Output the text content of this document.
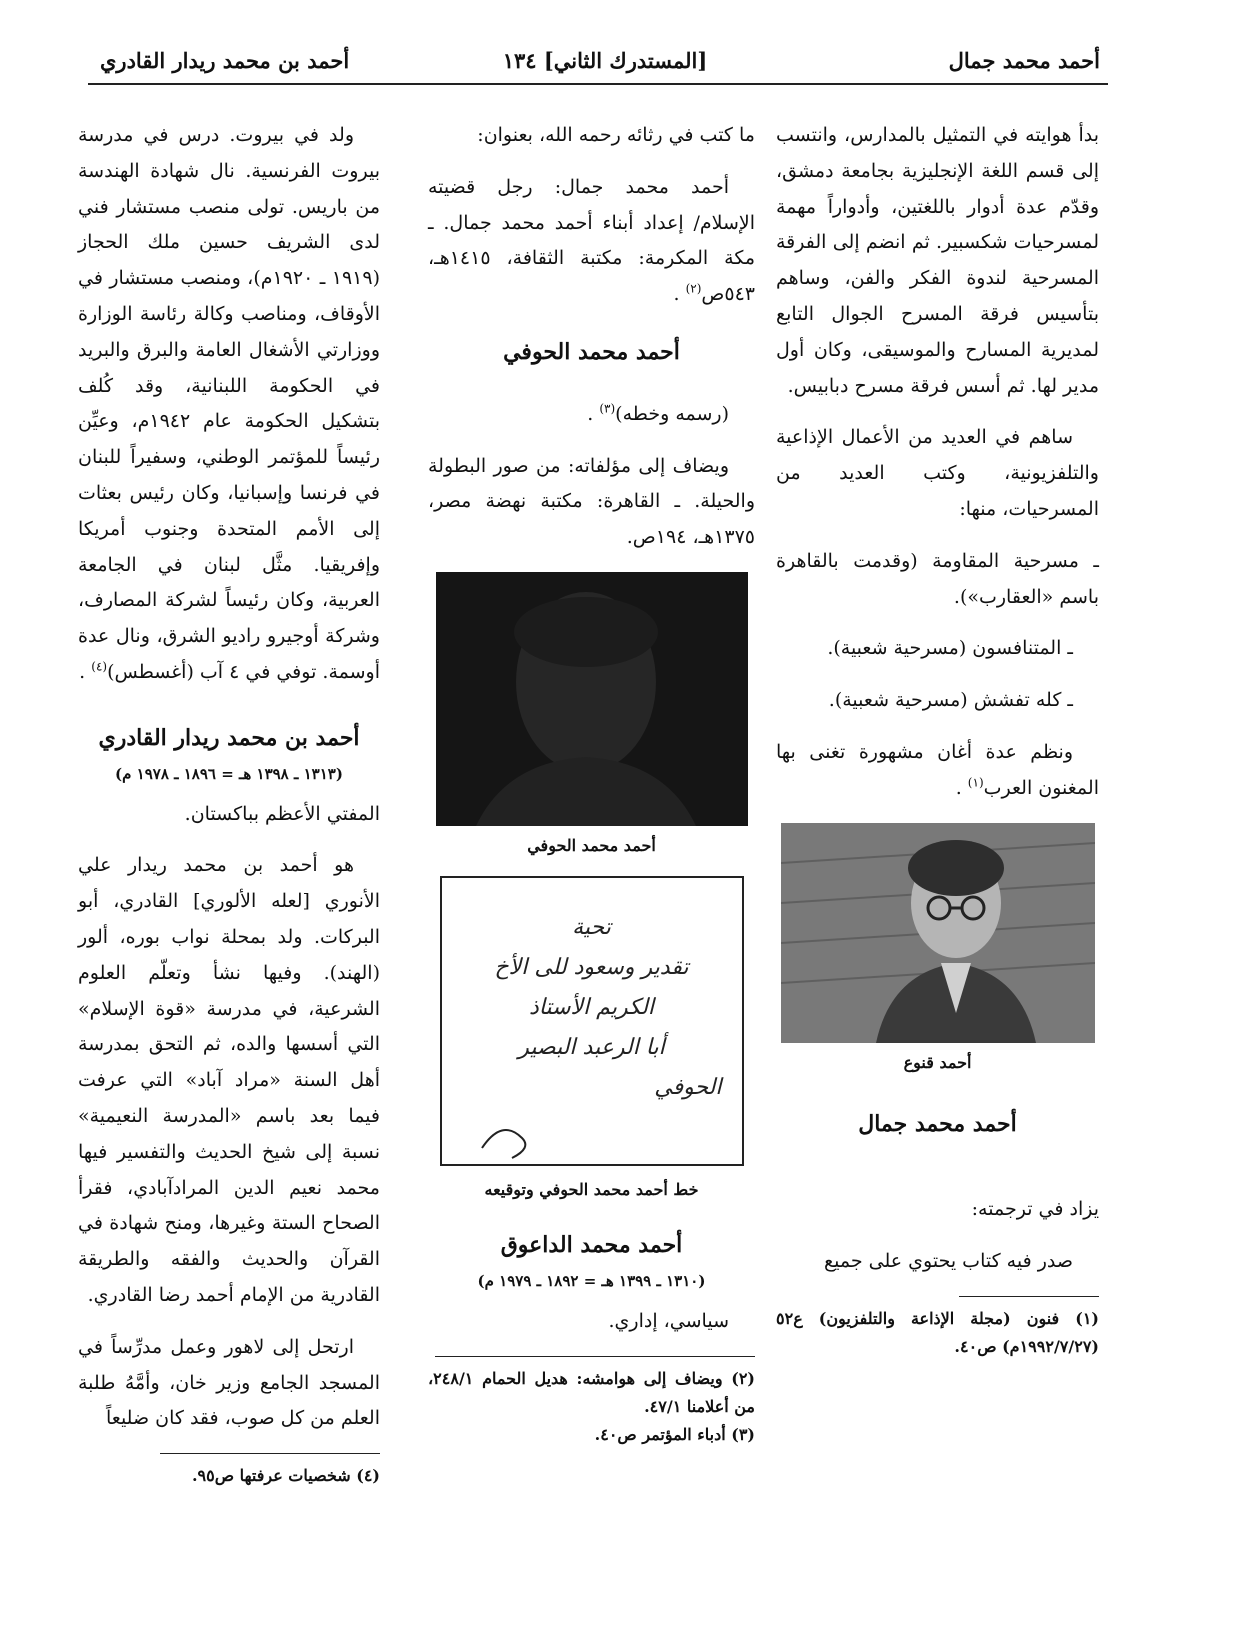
أحمد محمد جمال
[المستدرك الثاني] ١٣٤
أحمد بن محمد ريدار القادري

بدأ هوايته في التمثيل بالمدارس، وانتسب إلى قسم اللغة الإنجليزية بجامعة دمشق، وقدّم عدة أدوار باللغتين، وأدواراً مهمة لمسرحيات شكسبير. ثم انضم إلى الفرقة المسرحية لندوة الفكر والفن، وساهم بتأسيس فرقة المسرح الجوال التابع لمديرية المسارح والموسيقى، وكان أول مدير لها. ثم أسس فرقة مسرح دبابيس.

ساهم في العديد من الأعمال الإذاعية والتلفزيونية، وكتب العديد من المسرحيات، منها:

ـ مسرحية المقاومة (وقدمت بالقاهرة باسم «العقارب»).

ـ المتنافسون (مسرحية شعبية).

ـ كله تفشش (مسرحية شعبية).

ونظم عدة أغان مشهورة تغنى بها المغنون العرب$^{(١)}$ .

أحمد قنوع
أحمد محمد جمال

يزاد في ترجمته:

صدر فيه كتاب يحتوي على جميع

(١) فنون (مجلة الإذاعة والتلفزيون) ع٥٢ (١٩٩٢/٧/٢٧م) ص٤٠.

ما كتب في رثائه رحمه الله، بعنوان:

أحمد محمد جمال: رجل قضيته الإسلام/ إعداد أبناء أحمد محمد جمال. ـ مكة المكرمة: مكتبة الثقافة، ١٤١٥هـ، ٥٤٣ص$^{(٢)}$ .

أحمد محمد الحوفي

(رسمه وخطه)$^{(٣)}$ .

ويضاف إلى مؤلفاته: من صور البطولة والحيلة. ـ القاهرة: مكتبة نهضة مصر، ١٣٧٥هـ، ١٩٤ص.

أحمد محمد الحوفي
تحية
تقدير وسعود للى الأخ
الكريم الأستاذ
أبا الرعبد البصير
الحوفي
خط أحمد محمد الحوفي وتوقيعه
أحمد محمد الداعوق
(١٣١٠ ـ ١٣٩٩ هـ = ١٨٩٢ ـ ١٩٧٩ م)

سياسي، إداري.

(٢) ويضاف إلى هوامشه: هديل الحمام ٢٤٨/١، من أعلامنا ٤٧/١.

(٣) أدباء المؤتمر ص٤٠.

ولد في بيروت. درس في مدرسة بيروت الفرنسية. نال شهادة الهندسة من باريس. تولى منصب مستشار فني لدى الشريف حسين ملك الحجاز (١٩١٩ ـ ١٩٢٠م)، ومنصب مستشار في الأوقاف، ومناصب وكالة رئاسة الوزارة ووزارتي الأشغال العامة والبرق والبريد في الحكومة اللبنانية، وقد كُلف بتشكيل الحكومة عام ١٩٤٢م، وعيِّن رئيساً للمؤتمر الوطني، وسفيراً للبنان في فرنسا وإسبانيا، وكان رئيس بعثات إلى الأمم المتحدة وجنوب أمريكا وإفريقيا. مثَّل لبنان في الجامعة العربية، وكان رئيساً لشركة المصارف، وشركة أوجيرو راديو الشرق، ونال عدة أوسمة. توفي في ٤ آب (أغسطس)$^{(٤)}$ .

أحمد بن محمد ريدار القادري
(١٣١٣ ـ ١٣٩٨ هـ = ١٨٩٦ ـ ١٩٧٨ م)

المفتي الأعظم بباكستان.

هو أحمد بن محمد ريدار علي الأنوري [لعله الألوري] القادري، أبو البركات. ولد بمحلة نواب بوره، ألور (الهند). وفيها نشأ وتعلّم العلوم الشرعية، في مدرسة «قوة الإسلام» التي أسسها والده، ثم التحق بمدرسة أهل السنة «مراد آباد» التي عرفت فيما بعد باسم «المدرسة النعيمية» نسبة إلى شيخ الحديث والتفسير فيها محمد نعيم الدين المرادآبادي، فقرأ الصحاح الستة وغيرها، ومنح شهادة في القرآن والحديث والفقه والطريقة القادرية من الإمام أحمد رضا القادري.

ارتحل إلى لاهور وعمل مدرِّساً في المسجد الجامع وزير خان، وأمَّهُ طلبة العلم من كل صوب، فقد كان ضليعاً

(٤) شخصيات عرفتها ص٩٥.
